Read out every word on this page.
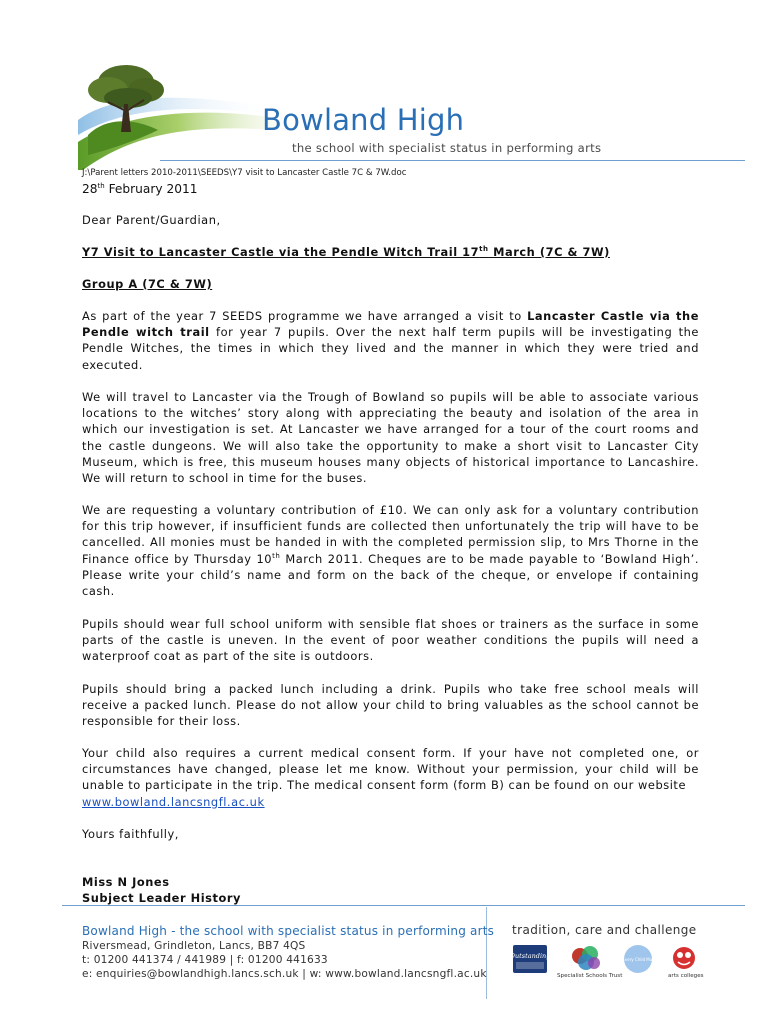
Bowland High
the school with specialist status in performing arts
J:\Parent letters 2010-2011\SEEDS\Y7 visit to Lancaster Castle 7C & 7W.doc
28th February 2011

Dear Parent/Guardian,

Y7 Visit to Lancaster Castle via the Pendle Witch Trail 17th March (7C & 7W)

Group A (7C & 7W)

As part of the year 7 SEEDS programme we have arranged a visit to Lancaster Castle via the Pendle witch trail for year 7 pupils. Over the next half term pupils will be investigating the Pendle Witches, the times in which they lived and the manner in which they were tried and executed.

We will travel to Lancaster via the Trough of Bowland so pupils will be able to associate various locations to the witches’ story along with appreciating the beauty and isolation of the area in which our investigation is set. At Lancaster we have arranged for a tour of the court rooms and the castle dungeons. We will also take the opportunity to make a short visit to Lancaster City Museum, which is free, this museum houses many objects of historical importance to Lancashire. We will return to school in time for the buses.

We are requesting a voluntary contribution of £10. We can only ask for a voluntary contribution for this trip however, if insufficient funds are collected then unfortunately the trip will have to be cancelled. All monies must be handed in with the completed permission slip, to Mrs Thorne in the Finance office by Thursday 10th March 2011. Cheques are to be made payable to ‘Bowland High’. Please write your child’s name and form on the back of the cheque, or envelope if containing cash.

Pupils should wear full school uniform with sensible flat shoes or trainers as the surface in some parts of the castle is uneven. In the event of poor weather conditions the pupils will need a waterproof coat as part of the site is outdoors.

Pupils should bring a packed lunch including a drink. Pupils who take free school meals will receive a packed lunch. Please do not allow your child to bring valuables as the school cannot be responsible for their loss.

Your child also requires a current medical consent form. If your have not completed one, or circumstances have changed, please let me know. Without your permission, your child will be unable to participate in the trip. The medical consent form (form B) can be found on our website
www.bowland.lancsngfl.ac.uk

Yours faithfully,

Miss N Jones

Subject Leader History

Bowland High - the school with specialist status in performing arts
Riversmead, Grindleton, Lancs, BB7 4QS
t: 01200 441374 / 441989 | f: 01200 441633
e: enquiries@bowlandhigh.lancs.sch.uk | w: www.bowland.lancsngfl.ac.uk
tradition, care and challenge
Outstanding
Specialist Schools Trust
the Every Child Matters
arts colleges
